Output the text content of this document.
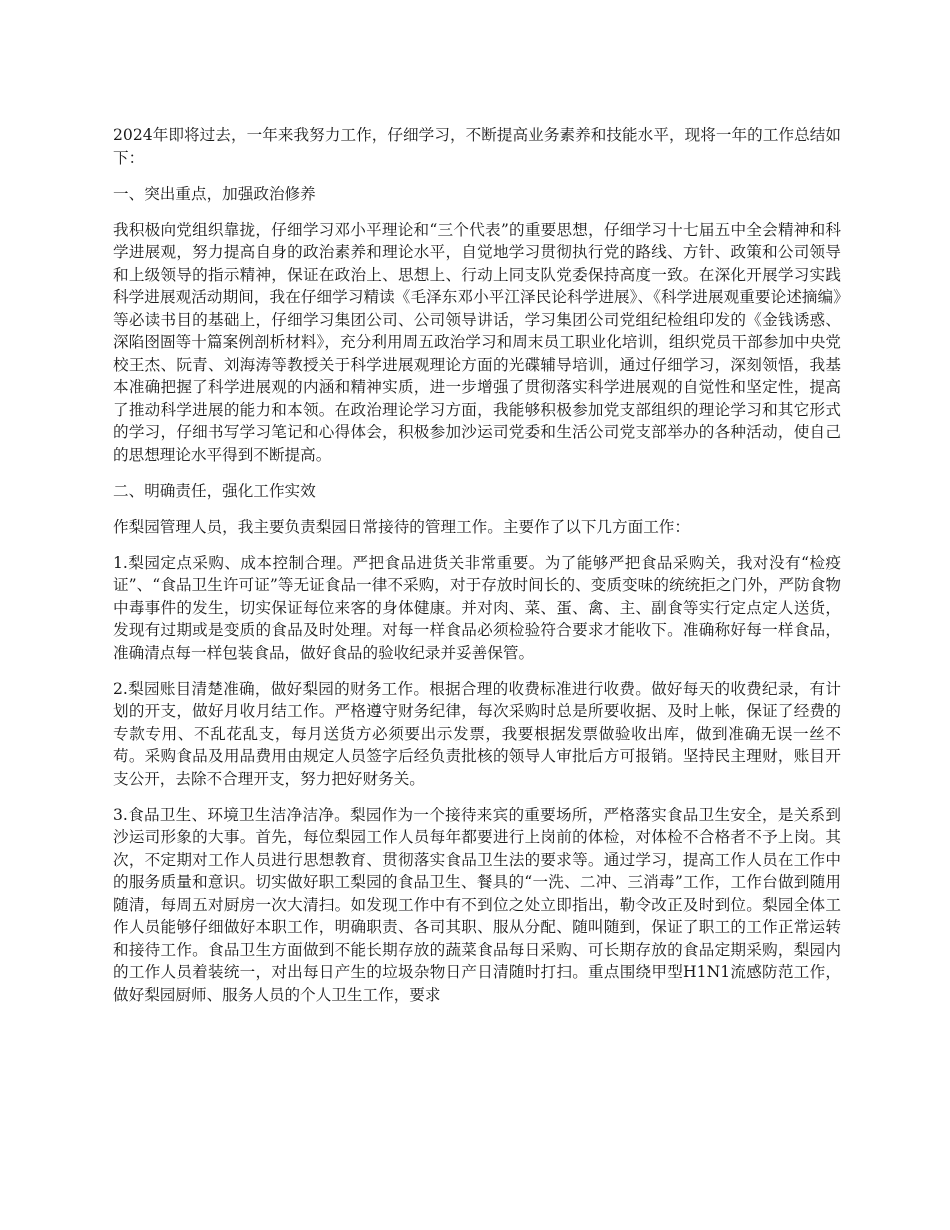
2024年即将过去，一年来我努力工作，仔细学习，不断提高业务素养和技能水平，现将一年的工作总结如下：

一、突出重点，加强政治修养

我积极向党组织靠拢，仔细学习邓小平理论和“三个代表”的重要思想，仔细学习十七届五中全会精神和科学进展观，努力提高自身的政治素养和理论水平，自觉地学习贯彻执行党的路线、方针、政策和公司领导和上级领导的指示精神，保证在政治上、思想上、行动上同支队党委保持高度一致。在深化开展学习实践科学进展观活动期间，我在仔细学习精读《毛泽东邓小平江泽民论科学进展》、《科学进展观重要论述摘编》等必读书目的基础上，仔细学习集团公司、公司领导讲话，学习集团公司党组纪检组印发的《金钱诱惑、深陷囹圄等十篇案例剖析材料》，充分利用周五政治学习和周末员工职业化培训，组织党员干部参加中央党校王杰、阮青、刘海涛等教授关于科学进展观理论方面的光碟辅导培训，通过仔细学习，深刻领悟，我基本准确把握了科学进展观的内涵和精神实质，进一步增强了贯彻落实科学进展观的自觉性和坚定性，提高了推动科学进展的能力和本领。在政治理论学习方面，我能够积极参加党支部组织的理论学习和其它形式的学习，仔细书写学习笔记和心得体会，积极参加沙运司党委和生活公司党支部举办的各种活动，使自己的思想理论水平得到不断提高。

二、明确责任，强化工作实效

作梨园管理人员，我主要负责梨园日常接待的管理工作。主要作了以下几方面工作：

1.梨园定点采购、成本控制合理。严把食品进货关非常重要。为了能够严把食品采购关，我对没有“检疫证”、“食品卫生许可证”等无证食品一律不采购，对于存放时间长的、变质变味的统统拒之门外，严防食物中毒事件的发生，切实保证每位来客的身体健康。并对肉、菜、蛋、禽、主、副食等实行定点定人送货，发现有过期或是变质的食品及时处理。对每一样食品必须检验符合要求才能收下。准确称好每一样食品，准确清点每一样包装食品，做好食品的验收纪录并妥善保管。

2.梨园账目清楚准确，做好梨园的财务工作。根据合理的收费标准进行收费。做好每天的收费纪录，有计划的开支，做好月收月结工作。严格遵守财务纪律，每次采购时总是所要收据、及时上帐，保证了经费的专款专用、不乱花乱支，每月送货方必须要出示发票，我要根据发票做验收出库，做到准确无误一丝不苟。采购食品及用品费用由规定人员签字后经负责批核的领导人审批后方可报销。坚持民主理财，账目开支公开，去除不合理开支，努力把好财务关。

3.食品卫生、环境卫生洁净洁净。梨园作为一个接待来宾的重要场所，严格落实食品卫生安全，是关系到沙运司形象的大事。首先，每位梨园工作人员每年都要进行上岗前的体检，对体检不合格者不予上岗。其次，不定期对工作人员进行思想教育、贯彻落实食品卫生法的要求等。通过学习，提高工作人员在工作中的服务质量和意识。切实做好职工梨园的食品卫生、餐具的“一洗、二冲、三消毒”工作，工作台做到随用随清，每周五对厨房一次大清扫。如发现工作中有不到位之处立即指出，勒令改正及时到位。梨园全体工作人员能够仔细做好本职工作，明确职责、各司其职、服从分配、随叫随到，保证了职工的工作正常运转和接待工作。食品卫生方面做到不能长期存放的蔬菜食品每日采购、可长期存放的食品定期采购，梨园内的工作人员着装统一，对出每日产生的垃圾杂物日产日清随时打扫。重点围绕甲型H1N1流感防范工作，做好梨园厨师、服务人员的个人卫生工作，要求
